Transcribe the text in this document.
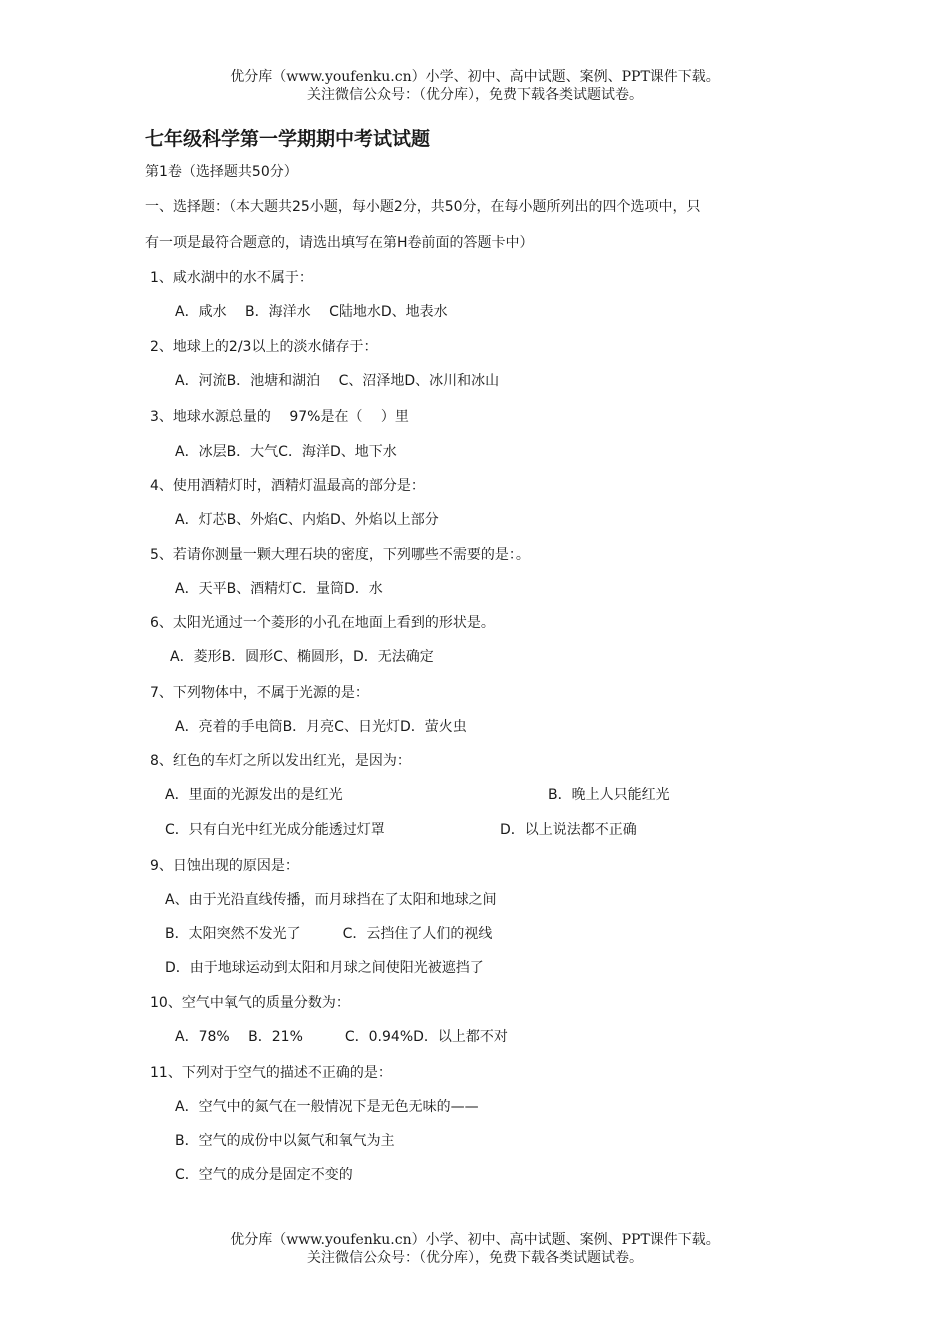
优分库（www.youfenku.cn）小学、初中、高中试题、案例、PPT课件下载。
关注微信公众号：（优分库），免费下载各类试题试卷。
七年级科学第一学期期中考试试题
第1卷（选择题共50分）
一、选择题：（本大题共25小题，每小题2分，共50分，在每小题所列出的四个选项中，只
有一项是最符合题意的，请选出填写在第H卷前面的答题卡中）
1、咸水湖中的水不属于：
A．咸水　 B．海洋水　 C陆地水D、地表水
2、地球上的2/3以上的淡水储存于：
A．河流B．池塘和湖泊　 C、沼泽地D、冰川和冰山
3、地球水源总量的　 97%是在（　 ）里
A．冰层B．大气C．海洋D、地下水
4、使用酒精灯时，酒精灯温最高的部分是：
A．灯芯B、外焰C、内焰D、外焰以上部分
5、若请你测量一颗大理石块的密度，下列哪些不需要的是：。
A．天平B、酒精灯C．量筒D．水
6、太阳光通过一个菱形的小孔在地面上看到的形状是。
A．菱形B．圆形C、椭圆形，D．无法确定
7、下列物体中，不属于光源的是：
A．亮着的手电筒B．月亮C、日光灯D．萤火虫
8、红色的车灯之所以发出红光，是因为：
A．里面的光源发出的是红光	B．晚上人只能红光
C．只有白光中红光成分能透过灯罩	D．以上说法都不正确
9、日蚀出现的原因是：
A、由于光沿直线传播，而月球挡在了太阳和地球之间
B．太阳突然不发光了　　　C．云挡住了人们的视线
D．由于地球运动到太阳和月球之间使阳光被遮挡了
10、空气中氧气的质量分数为：
A．78%　 B．21%　　　C．0.94%D．以上都不对
11、下列对于空气的描述不正确的是：
A．空气中的氮气在一般情况下是无色无味的——
B．空气的成份中以氮气和氧气为主
C．空气的成分是固定不变的
优分库（www.youfenku.cn）小学、初中、高中试题、案例、PPT课件下载。
关注微信公众号：（优分库），免费下载各类试题试卷。
